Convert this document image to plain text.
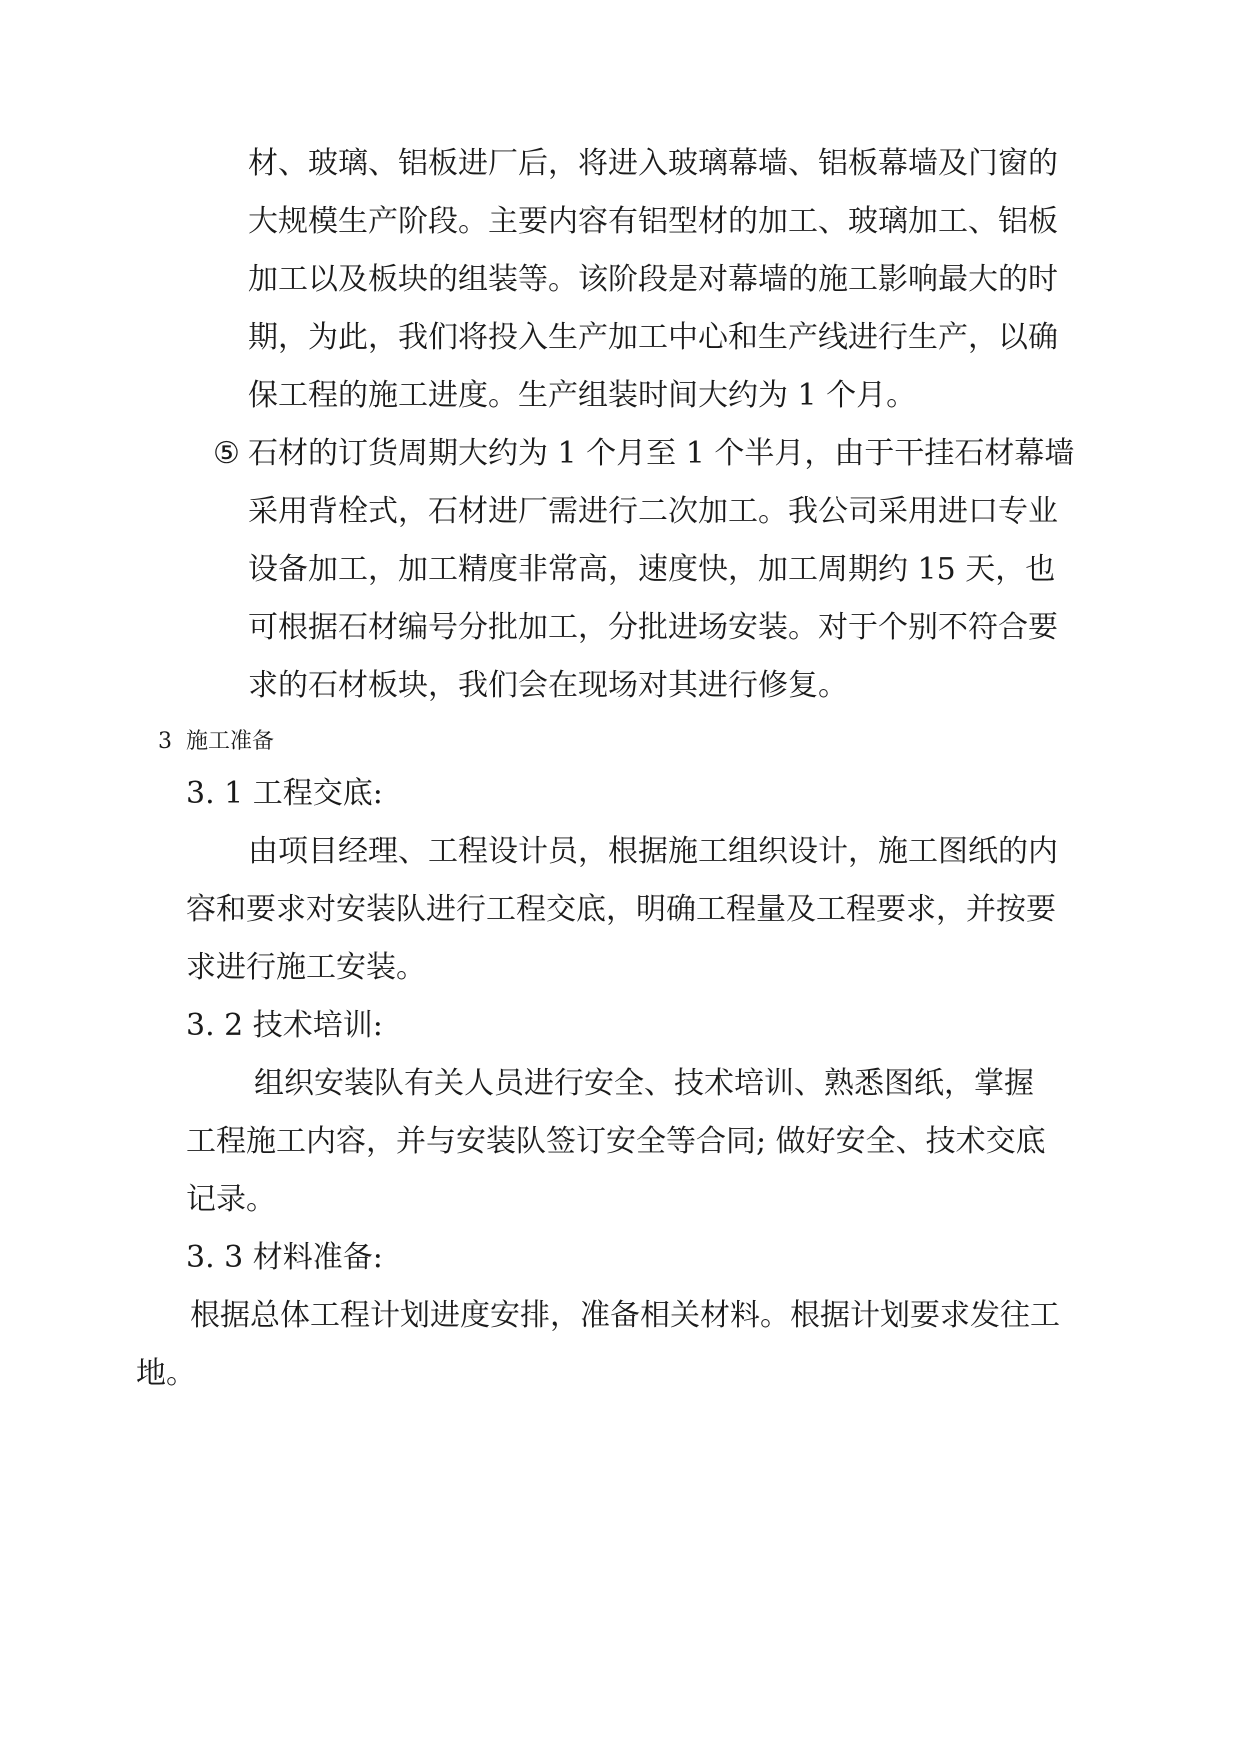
材、玻璃、铝板进厂后，将进入玻璃幕墙、铝板幕墙及门窗的
大规模生产阶段。主要内容有铝型材的加工、玻璃加工、铝板
加工以及板块的组装等。该阶段是对幕墙的施工影响最大的时
期，为此，我们将投入生产加工中心和生产线进行生产，以确
保工程的施工进度。生产组装时间大约为 1 个月。
⑤ 石材的订货周期大约为 1 个月至 1 个半月，由于干挂石材幕墙
采用背栓式，石材进厂需进行二次加工。我公司采用进口专业
设备加工，加工精度非常高，速度快，加工周期约 15 天，也
可根据石材编号分批加工，分批进场安装。对于个别不符合要
求的石材板块，我们会在现场对其进行修复。
3  施工准备
3. 1 工程交底:
由项目经理、工程设计员，根据施工组织设计，施工图纸的内
容和要求对安装队进行工程交底，明确工程量及工程要求，并按要
求进行施工安装。
3. 2 技术培训:
组织安装队有关人员进行安全、技术培训、熟悉图纸，掌握
工程施工内容，并与安装队签订安全等合同; 做好安全、技术交底
记录。
3. 3 材料准备:
根据总体工程计划进度安排，准备相关材料。根据计划要求发往工
地。
